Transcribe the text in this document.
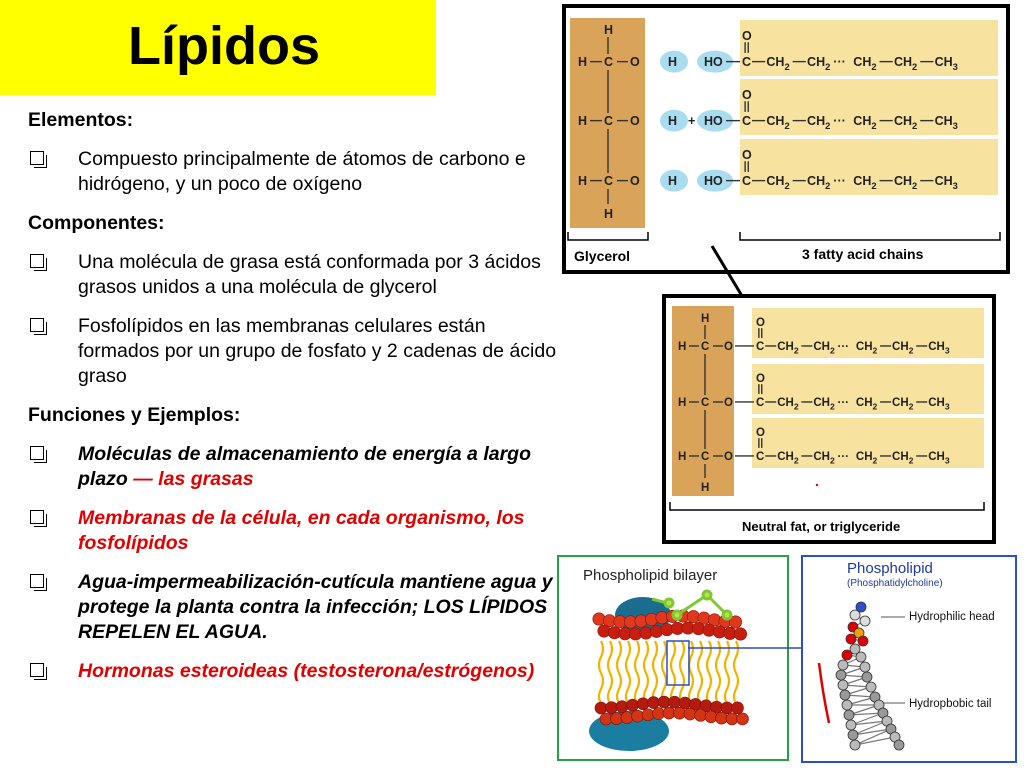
Lípidos
Elementos:
Compuesto principalmente de átomos de carbono e hidrógeno, y un poco de oxígeno
Componentes:
Una molécula de grasa está conformada por 3 ácidos grasos unidos a una molécula de glycerol
Fosfolípidos en las membranas celulares están formados por un grupo de fosfato y 2 cadenas de ácido graso
Funciones y Ejemplos:
Moléculas de almacenamiento de energía a largo plazo — las grasas
Membranas de la célula, en cada organismo, los fosfolípidos
Agua-impermeabilización-cutícula mantiene agua y protege la planta contra la infección; LOS LÍPIDOS REPELEN EL AGUA.
Hormonas esteroideas (testosterona/estrógenos)
H HO C
O
$CH_2$ $CH_2$ ··· $CH_2$ $CH_2$ $CH_3$
H + HO C
O
$CH_2$ $CH_2$ ··· $CH_2$ $CH_2$ $CH_3$
H HO C
O
$CH_2$ $CH_2$ ··· $CH_2$ $CH_2$ $CH_3$
H C O
H C O
H C O
H
H
Glycerol	3 fatty acid chains
C
O
$CH_2$ $CH_2$ ··· $CH_2$ $CH_2$ $CH_3$
C
O
$CH_2$ $CH_2$ ··· $CH_2$ $CH_2$ $CH_3$
C
O
$CH_2$ $CH_2$ ··· $CH_2$ $CH_2$ $CH_3$
H C O
H C O
H C O
H
H
Neutral fat, or triglyceride
Phospholipid bilayer	Phospholipid
(Phosphatidylcholine)
Hydrophilic head
Hydropbobic tail
